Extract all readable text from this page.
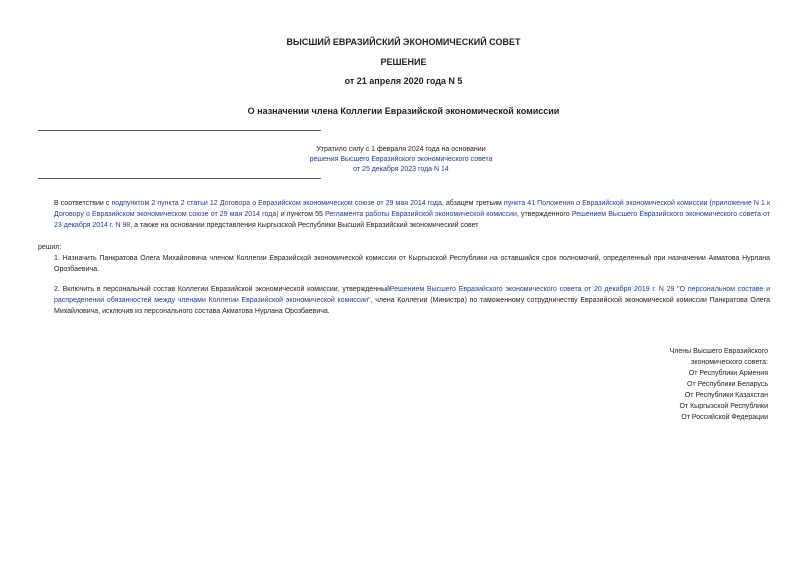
ВЫСШИЙ ЕВРАЗИЙСКИЙ ЭКОНОМИЧЕСКИЙ СОВЕТ
РЕШЕНИЕ
от 21 апреля 2020 года N 5
О назначении члена Коллегии Евразийской экономической комиссии
Утратило силу с 1 февраля 2024 года на основании
решения Высшего Евразийского экономического совета
от 25 декабря 2023 года N 14
В соответствии с подпунктом 2 пункта 2 статьи 12 Договора о Евразийском экономическом союзе от 29 мая 2014 года, абзацем третьим пункта 41 Положения о Евразийской экономической комиссии (приложение N 1 к Договору о Евразийском экономическом союзе от 29 мая 2014 года) и пунктом 55 Регламента работы Евразийской экономической комиссии, утвержденного Решением Высшего Евразийского экономического совета от 23 декабря 2014 г. N 98, а также на основании представления Кыргызской Республики Высший Евразийский экономический совет
решил:
1. Назначить Панкратова Олега Михайловича членом Коллегии Евразийской экономической комиссии от Кыргызской Республики на оставшийся срок полномочий, определенный при назначении Акматова Нурлана Орозбаевича.
2. Включить в персональный состав Коллегии Евразийской экономической комиссии, утвержденныйРешением Высшего Евразийского экономического совета от 20 декабря 2019 г. N 29 "О персональном составе и распределении обязанностей между членами Коллегии Евразийской экономической комиссии", члена Коллегии (Министра) по таможенному сотрудничеству Евразийской экономической комиссии Панкратова Олега Михайловича, исключив из персонального состава Акматова Нурлана Орозбаевича.
Члены Высшего Евразийского
экономического совета:
От Республики Армения
От Республики Беларусь
От Республики Казахстан
От Кыргызской Республики
От Российской Федерации
